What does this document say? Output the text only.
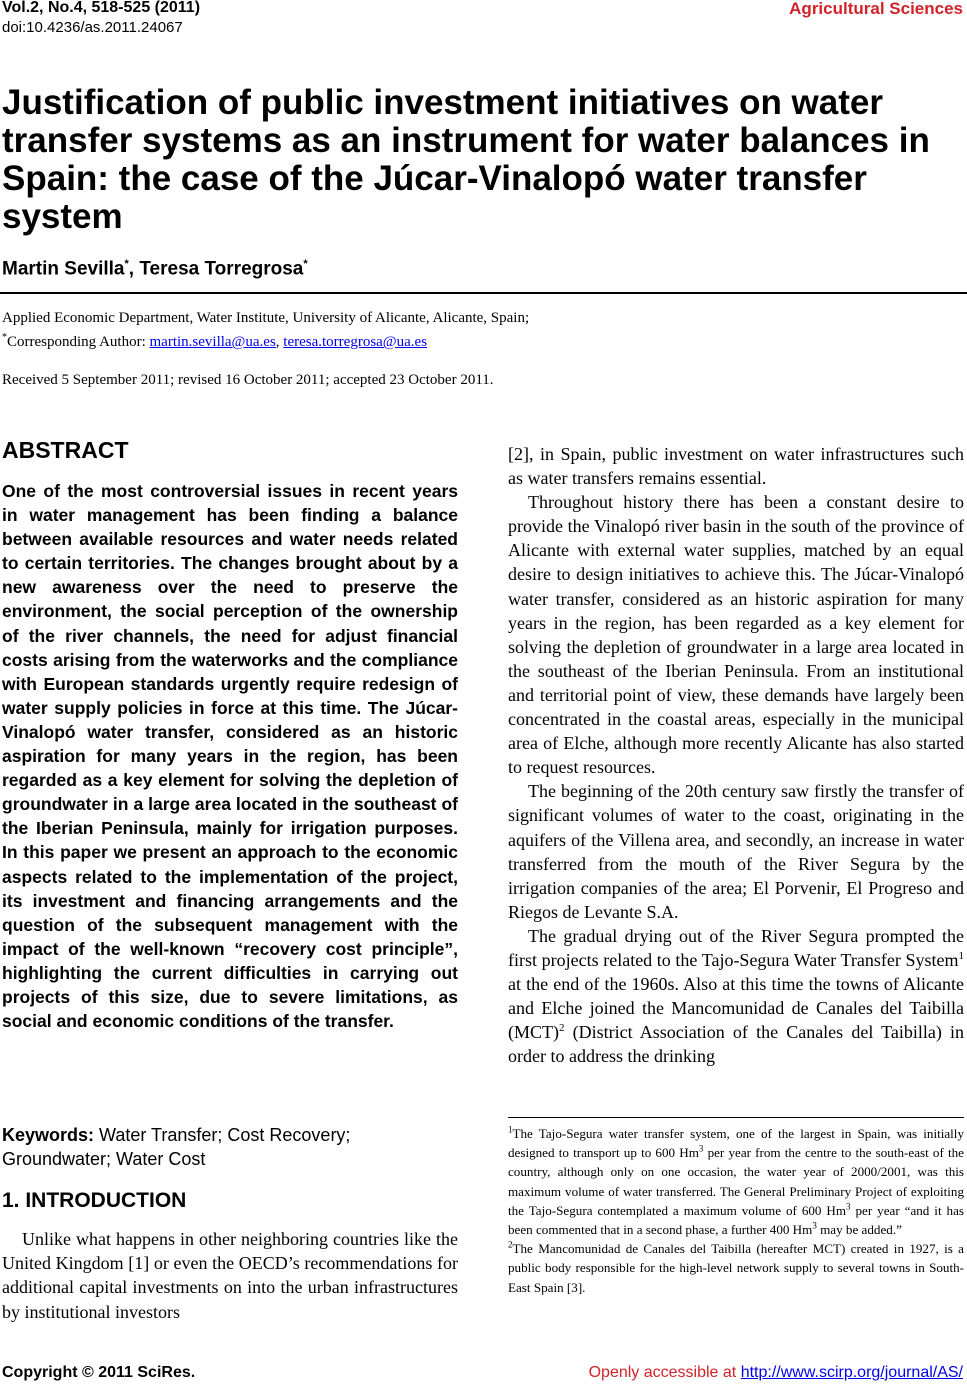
Vol.2, No.4, 518-525 (2011)
doi:10.4236/as.2011.24067
Agricultural Sciences
Justification of public investment initiatives on water transfer systems as an instrument for water balances in Spain: the case of the Júcar-Vinalopó water transfer system
Martin Sevilla*, Teresa Torregrosa*
Applied Economic Department, Water Institute, University of Alicante, Alicante, Spain;
*Corresponding Author: martin.sevilla@ua.es, teresa.torregrosa@ua.es
Received 5 September 2011; revised 16 October 2011; accepted 23 October 2011.
ABSTRACT

One of the most controversial issues in recent years in water management has been finding a balance between available resources and water needs related to certain territories. The changes brought about by a new awareness over the need to preserve the environment, the social perception of the ownership of the river channels, the need for adjust financial costs arising from the waterworks and the compliance with European standards urgently require redesign of water supply policies in force at this time. The Júcar-Vinalopó water transfer, considered as an historic aspiration for many years in the region, has been regarded as a key element for solving the depletion of groundwater in a large area located in the southeast of the Iberian Peninsula, mainly for irrigation purposes. In this paper we present an approach to the economic aspects related to the implementation of the project, its investment and financing arrangements and the question of the subsequent management with the impact of the well-known “recovery cost principle”, highlighting the current difficulties in carrying out projects of this size, due to severe limitations, as social and economic conditions of the transfer.

Keywords: Water Transfer; Cost Recovery; Groundwater; Water Cost
1. INTRODUCTION

Unlike what happens in other neighboring countries like the United Kingdom [1] or even the OECD’s recommendations for additional capital investments on into the urban infrastructures by institutional investors

[2], in Spain, public investment on water infrastructures such as water transfers remains essential.

Throughout history there has been a constant desire to provide the Vinalopó river basin in the south of the province of Alicante with external water supplies, matched by an equal desire to design initiatives to achieve this. The Júcar-Vinalopó water transfer, considered as an historic aspiration for many years in the region, has been regarded as a key element for solving the depletion of groundwater in a large area located in the southeast of the Iberian Peninsula. From an institutional and territorial point of view, these demands have largely been concentrated in the coastal areas, especially in the municipal area of Elche, although more recently Alicante has also started to request resources.

The beginning of the 20th century saw firstly the transfer of significant volumes of water to the coast, originating in the aquifers of the Villena area, and secondly, an increase in water transferred from the mouth of the River Segura by the irrigation companies of the area; El Porvenir, El Progreso and Riegos de Levante S.A.

The gradual drying out of the River Segura prompted the first projects related to the Tajo-Segura Water Transfer System$^1$ at the end of the 1960s. Also at this time the towns of Alicante and Elche joined the Mancomunidad de Canales del Taibilla (MCT)$^2$ (District Association of the Canales del Taibilla) in order to address the drinking

$^1$The Tajo-Segura water transfer system, one of the largest in Spain, was initially designed to transport up to 600 Hm$^3$ per year from the centre to the south-east of the country, although only on one occasion, the water year of 2000/2001, was this maximum volume of water transferred. The General Preliminary Project of exploiting the Tajo-Segura contemplated a maximum volume of 600 Hm$^3$ per year “and it has been commented that in a second phase, a further 400 Hm$^3$ may be added.”

$^2$The Mancomunidad de Canales del Taibilla (hereafter MCT) created in 1927, is a public body responsible for the high-level network supply to several towns in South-East Spain [3].

Copyright © 2011 SciRes.	Openly accessible at http://www.scirp.org/journal/AS/
